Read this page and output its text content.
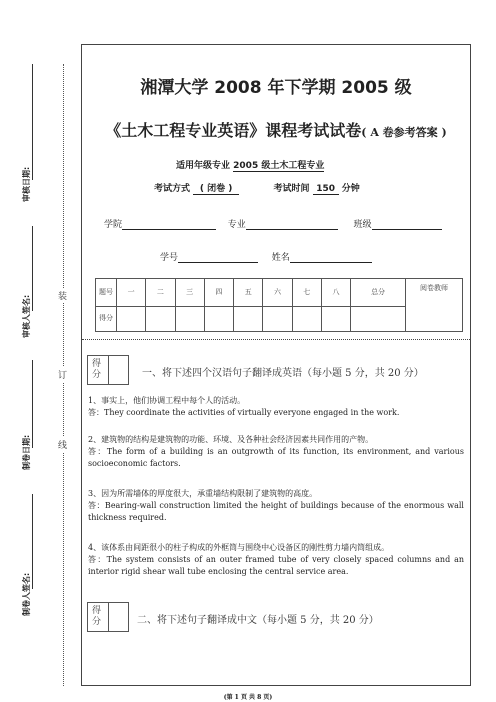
审核日期:
审核人签名:
制卷日期:
制卷人签名:
装
订
线
湘潭大学 2008 年下学期 2005 级
《土木工程专业英语》课程考试试卷( A 卷参考答案 )
适用年级专业 2005 级土木工程专业
考试方式 ( 闭卷 )	考试时间 150 分钟
学院	专业	班级
学号	姓名
题号	一	二	三	四	五	六	七	八	总分	阅卷教师
得分										
得分	一、将下述四个汉语句子翻译成英语（每小题 5 分，共 20 分）
1、事实上，他们协调工程中每个人的活动。
答：They coordinate the activities of virtually everyone engaged in the work.
2、建筑物的结构是建筑物的功能、环境、及各种社会经济因素共同作用的产物。
答：The form of a building is an outgrowth of its function, its environment, and various socioeconomic factors.
3、因为所需墙体的厚度很大，承重墙结构限制了建筑物的高度。
答：Bearing-wall construction limited the height of buildings because of the enormous wall thickness required.
4、该体系由间距很小的柱子构成的外框筒与围绕中心设备区的刚性剪力墙内筒组成。
答：The system consists of an outer framed tube of very closely spaced columns and an interior rigid shear wall tube enclosing the central service area.
得分	二、将下述句子翻译成中文（每小题 5 分，共 20 分）
(第 1 页 共 8 页)
